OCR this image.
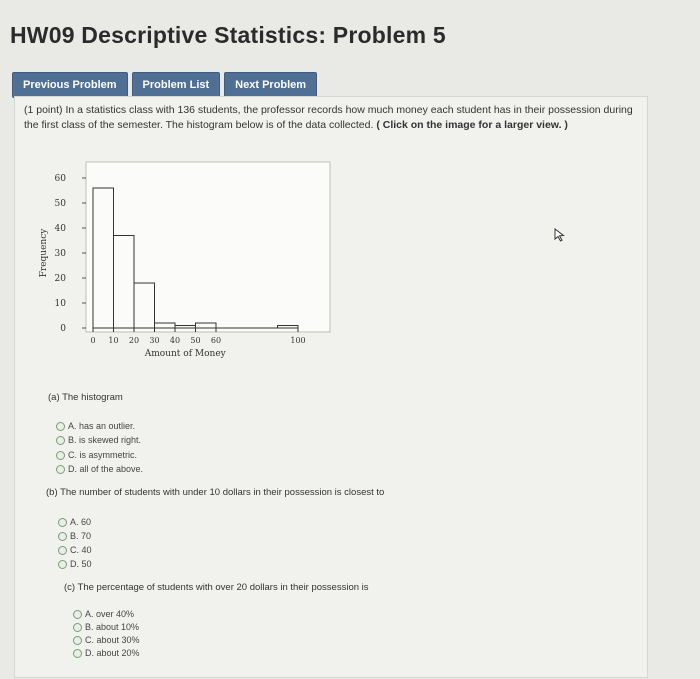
HW09 Descriptive Statistics: Problem 5
Previous Problem	Problem List	Next Problem
(1 point) In a statistics class with 136 students, the professor records how much money each student has in their possession during the first class of the semester. The histogram below is of the data collected. ( Click on the image for a larger view. )
60
50
40
30
20
10
0
0 10 20 30 40 50 60	100
Amount of Money
Frequency
(a) The histogram
A. has an outlier.
B. is skewed right.
C. is asymmetric.
D. all of the above.
(b) The number of students with under 10 dollars in their possession is closest to
A. 60
B. 70
C. 40
D. 50
(c) The percentage of students with over 20 dollars in their possession is
A. over 40%
B. about 10%
C. about 30%
D. about 20%
